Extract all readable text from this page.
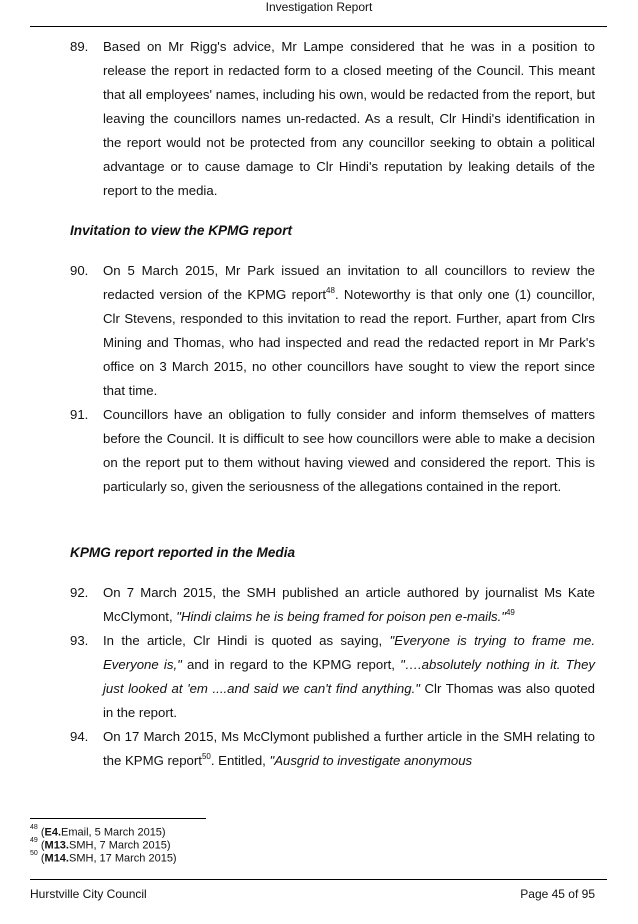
Investigation Report
89.	Based on Mr Rigg's advice, Mr Lampe considered that he was in a position to release the report in redacted form to a closed meeting of the Council. This meant that all employees' names, including his own, would be redacted from the report, but leaving the councillors names un-redacted. As a result, Clr Hindi's identification in the report would not be protected from any councillor seeking to obtain a political advantage or to cause damage to Clr Hindi's reputation by leaking details of the report to the media.
Invitation to view the KPMG report
90.	On 5 March 2015, Mr Park issued an invitation to all councillors to review the redacted version of the KPMG report$^{48}$. Noteworthy is that only one (1) councillor, Clr Stevens, responded to this invitation to read the report. Further, apart from Clrs Mining and Thomas, who had inspected and read the redacted report in Mr Park's office on 3 March 2015, no other councillors have sought to view the report since that time.
91.	Councillors have an obligation to fully consider and inform themselves of matters before the Council. It is difficult to see how councillors were able to make a decision on the report put to them without having viewed and considered the report. This is particularly so, given the seriousness of the allegations contained in the report.
KPMG report reported in the Media
92.	On 7 March 2015, the SMH published an article authored by journalist Ms Kate McClymont, "Hindi claims he is being framed for poison pen e-mails."$^{49}$
93.	In the article, Clr Hindi is quoted as saying, "Everyone is trying to frame me. Everyone is," and in regard to the KPMG report, "….absolutely nothing in it. They just looked at 'em ....and said we can't find anything." Clr Thomas was also quoted in the report.
94.	On 17 March 2015, Ms McClymont published a further article in the SMH relating to the KPMG report$^{50}$. Entitled, "Ausgrid to investigate anonymous
$^{48}$ (E4.Email, 5 March 2015)
$^{49}$ (M13.SMH, 7 March 2015)
$^{50}$ (M14.SMH, 17 March 2015)
Hurstville City Council	Page 45 of 95
